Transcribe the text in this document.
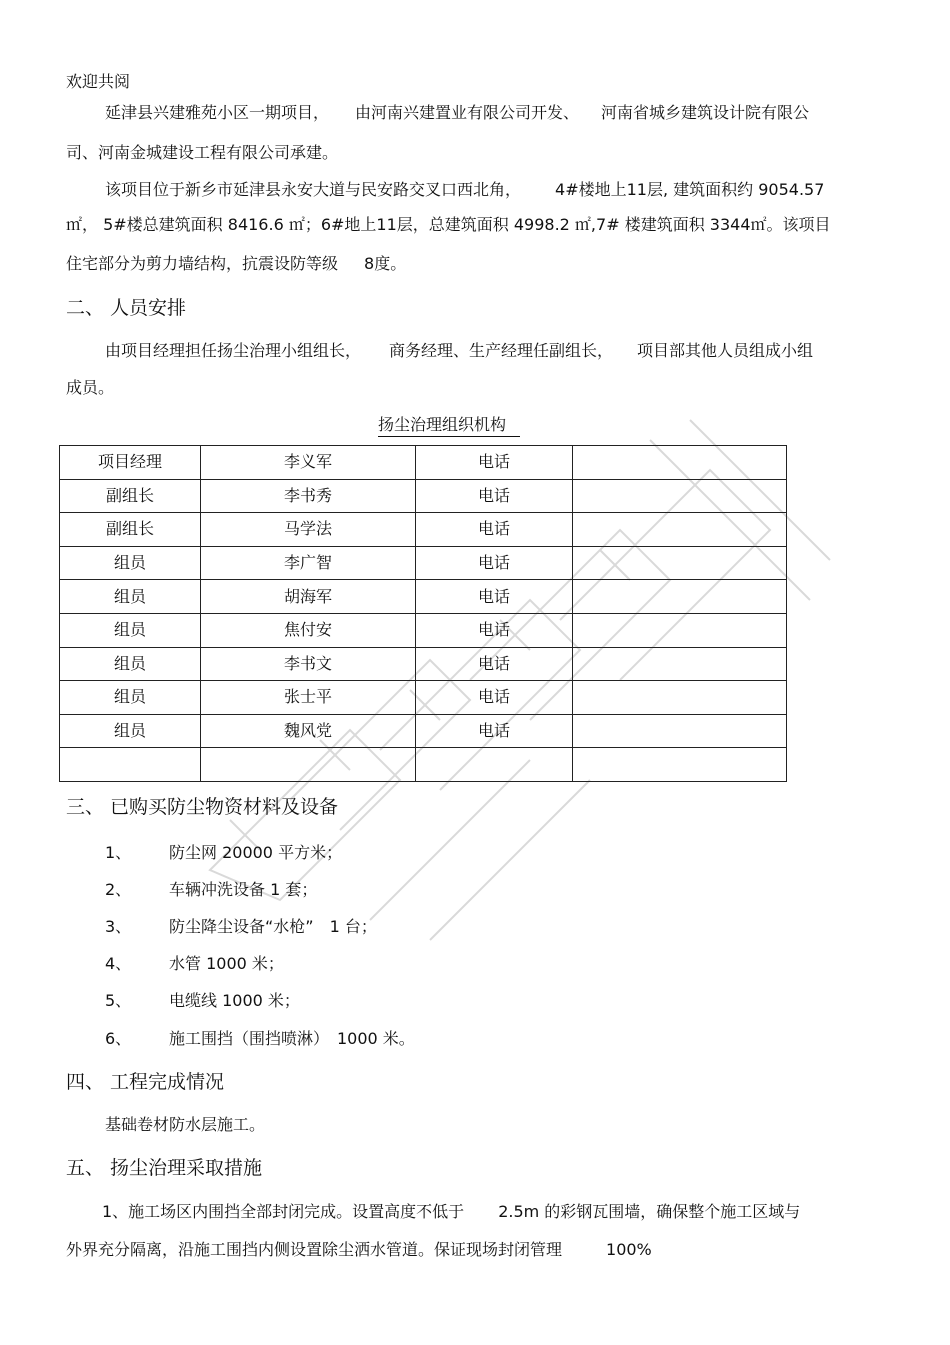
欢迎共阅
延津县兴建雅苑小区一期项目， 由河南兴建置业有限公司开发、 河南省城乡建筑设计院有限公
司、河南金城建设工程有限公司承建。
该项目位于新乡市延津县永安大道与民安路交叉口西北角， 4#楼地上11层, 建筑面积约 9054.57
㎡， 5#楼总建筑面积 8416.6 ㎡；6#地上11层，总建筑面积 4998.2 ㎡,7# 楼建筑面积 3344㎡。该项目
住宅部分为剪力墙结构，抗震设防等级 8度。
二、 人员安排
由项目经理担任扬尘治理小组组长， 商务经理、生产经理任副组长， 项目部其他人员组成小组
成员。
扬尘治理组织机构
项目经理	李义军	电话	
副组长	李书秀	电话	
副组长	马学法	电话	
组员	李广智	电话	
组员	胡海军	电话	
组员	焦付安	电话	
组员	李书文	电话	
组员	张士平	电话	
组员	魏风党	电话	

三、 已购买防尘物资材料及设备
1、 防尘网 20000 平方米；
2、 车辆冲洗设备 1 套；
3、 防尘降尘设备“水枪”　1 台；
4、 水管 1000 米；
5、 电缆线 1000 米；
6、 施工围挡（围挡喷淋）　1000 米。
四、 工程完成情况
基础卷材防水层施工。
五、 扬尘治理采取措施
1、施工场区内围挡全部封闭完成。设置高度不低于 2.5m 的彩钢瓦围墙，确保整个施工区域与
外界充分隔离，沿施工围挡内侧设置除尘洒水管道。保证现场封闭管理	100%
